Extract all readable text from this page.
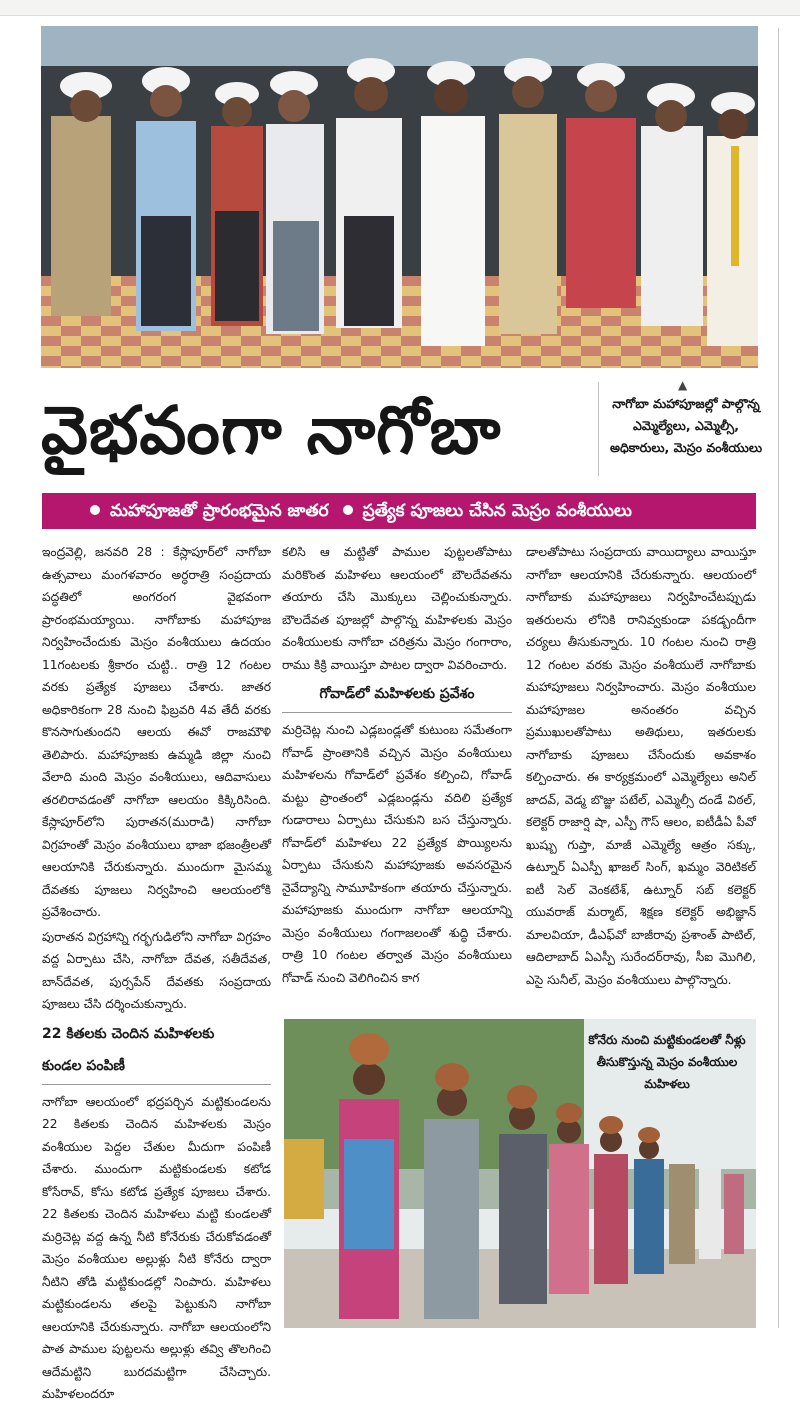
వైభవంగా నాగోబా
▲
నాగోబా మహాపూజల్లో పాల్గొన్న ఎమ్మెల్యేలు, ఎమ్మెల్సీ, అధికారులు, మెస్రం వంశీయులు
మహాపూజతో ప్రారంభమైన జాతర ప్రత్యేక పూజలు చేసిన మెస్రం వంశీయులు

ఇంద్రవెల్లి, జనవరి 28 : కేస్లాపూర్‌లో నాగోబా ఉత్సవాలు మంగళవారం అర్ధరాత్రి సంప్రదాయ పద్ధతిలో అంగరంగ వైభవంగా ప్రారంభమయ్యాయి. నాగోబాకు మహాపూజ నిర్వహించేందుకు మెస్రం వంశీయులు ఉదయం 11గంటలకు శ్రీకారం చుట్టి.. రాత్రి 12 గంటల వరకు ప్రత్యేక పూజలు చేశారు. జాతర అధికారికంగా 28 నుంచి ఫిబ్రవరి 4వ తేదీ వరకు కొనసాగుతుందని ఆలయ ఈవో రాజమౌళి తెలిపారు. మహాపూజకు ఉమ్మడి జిల్లా నుంచి వేలాది మంది మెస్రం వంశీయులు, ఆదివాసులు తరలిరావడంతో నాగోబా ఆలయం కిక్కిరిసింది. కేస్లాపూర్‌లోని పురాతన(మురాడి) నాగోబా విగ్రహంతో మెస్రం వంశీయులు భాజా భజంత్రీలతో ఆలయానికి చేరుకున్నారు. ముందుగా మైసమ్మ దేవతకు పూజలు నిర్వహించి ఆలయంలోకి ప్రవేశించారు.

పురాతన విగ్రహాన్ని గర్భగుడిలోని నాగోబా విగ్రహం వద్ద ఏర్పాటు చేసి, నాగోబా దేవత, సతీదేవత, బాన్‌దేవత, పుర్సపేన్ దేవతకు సంప్రదాయ పూజలు చేసి దర్శించుకున్నారు.

22 కితలకు చెందిన మహిళలకు
కుండల పంపిణీ

నాగోబా ఆలయంలో భద్రపర్చిన మట్టికుండలను 22 కితలకు చెందిన మహిళలకు మెస్రం వంశీయుల పెద్దల చేతుల మీదుగా పంపిణీ చేశారు. ముందుగా మట్టికుండలకు కటోడ కోసేరావ్, కోసు కటోడ ప్రత్యేక పూజలు చేశారు. 22 కితలకు చెందిన మహిళలు మట్టి కుండలతో మర్రిచెట్ల వద్ద ఉన్న నీటి కోనేరుకు చేరుకోవడంతో మెస్రం వంశీయుల అల్లుళ్లు నీటి కోనేరు ద్వారా నీటిని తోడి మట్టికుండల్లో నింపారు. మహిళలు మట్టికుండలను తలపై పెట్టుకుని నాగోబా ఆలయానికి చేరుకున్నారు. నాగోబా ఆలయంలోని పాత పాముల పుట్టలను అల్లుళ్లు తవ్వి తొలగించి ఆదేమట్టిని బురదమట్టిగా చేసిచ్చారు. మహిళలందరూ

కలిసి ఆ మట్టితో పాముల పుట్టలతోపాటు మరికొంత మహిళలు ఆలయంలో బౌలదేవతను తయారు చేసి మొక్కులు చెల్లించుకున్నారు. బౌలదేవత పూజల్లో పాల్గొన్న మహిళలకు మెస్రం వంశీయులకు నాగోబా చరిత్రను మెస్రం గంగారాం, రాము కిక్రి వాయిస్తూ పాటల ద్వారా వివరించారు.

గోవాడ్‌లో మహిళలకు ప్రవేశం

మర్రిచెట్ల నుంచి ఎడ్లబండ్లతో కుటుంబ సమేతంగా గోవాడ్ ప్రాంతానికి వచ్చిన మెస్రం వంశీయులు మహిళలను గోవాడ్‌లో ప్రవేశం కల్పించి, గోవాడ్ మట్టు ప్రాంతంలో ఎడ్లబండ్లను వదిలి ప్రత్యేక గుడారాలు ఏర్పాటు చేసుకుని బస చేస్తున్నారు. గోవాడ్‌లో మహిళలు 22 ప్రత్యేక పొయ్యిలను ఏర్పాటు చేసుకుని మహాపూజకు అవసరమైన నైవేద్యాన్ని సామూహికంగా తయారు చేస్తున్నారు. మహాపూజకు ముందుగా నాగోబా ఆలయాన్ని మెస్రం వంశీయులు గంగాజలంతో శుద్ధి చేశారు. రాత్రి 10 గంటల తర్వాత మెస్రం వంశీయులు గోవాడ్ నుంచి వెలిగించిన కాగ

డాలతోపాటు సంప్రదాయ వాయిద్యాలు వాయిస్తూ నాగోబా ఆలయానికి చేరుకున్నారు. ఆలయంలో నాగోబాకు మహాపూజలు నిర్వహించేటప్పుడు ఇతరులను లోనికి రానివ్వకుండా పకడ్బందీగా చర్యలు తీసుకున్నారు. 10 గంటల నుంచి రాత్రి 12 గంటల వరకు మెస్రం వంశీయులే నాగోబాకు మహాపూజలు నిర్వహించారు. మెస్రం వంశీయుల మహాపూజల అనంతరం వచ్చిన ప్రముఖులతోపాటు అతిథులు, ఇతరులకు నాగోబాకు పూజలు చేసేందుకు అవకాశం కల్పించారు. ఈ కార్యక్రమంలో ఎమ్మెల్యేలు అనిల్ జాదవ్, వెడ్మ బొజ్జు పటేల్, ఎమ్మెల్సీ దండే విఠల్, కలెక్టర్ రాజార్షి షా, ఎస్పీ గౌస్ ఆలం, ఐటీడీఏ పీవో ఖుష్బు గుప్తా, మాజీ ఎమ్మెల్యే ఆత్రం సక్కు, ఉట్నూర్ ఏఎస్పీ ఖాజల్ సింగ్, ఖమ్మం వెరిటికల్ ఐటీ సెల్ వెంకటేశ్, ఉట్నూర్ సబ్ కలెక్టర్ యువరాజ్ మర్మాట్, శిక్షణ కలెక్టర్ అభిజ్ఞాన్ మాలవియా, డీఎఫ్‌వో బాజీరావు ప్రశాంత్ పాటిల్, ఆదిలాబాద్ ఏఎస్పీ సురేందర్‌రావు, సీఐ మొగిలి, ఎసై సునీల్, మెస్రం వంశీయులు పాల్గొన్నారు.

కోనేరు నుంచి మట్టికుండలతో నీళ్లు తీసుకొస్తున్న మెస్రం వంశీయుల మహిళలు
